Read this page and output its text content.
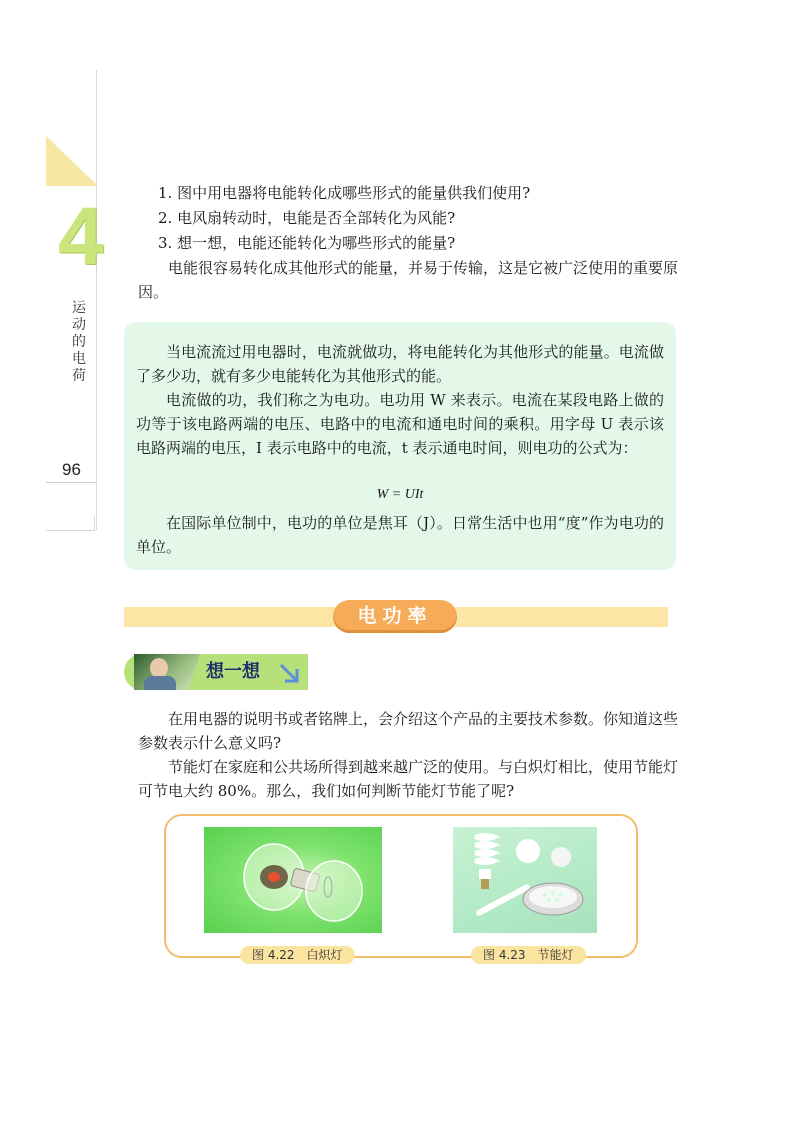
4
运动的电荷
96
1. 图中用电器将电能转化成哪些形式的能量供我们使用?
2. 电风扇转动时，电能是否全部转化为风能?
3. 想一想，电能还能转化为哪些形式的能量?
电能很容易转化成其他形式的能量，并易于传输，这是它被广泛使用的重要原因。
当电流流过用电器时，电流就做功，将电能转化为其他形式的能量。电流做了多少功，就有多少电能转化为其他形式的能。
电流做的功，我们称之为电功。电功用 W 来表示。电流在某段电路上做的功等于该电路两端的电压、电路中的电流和通电时间的乘积。用字母 U 表示该电路两端的电压，I 表示电路中的电流，t 表示通电时间，则电功的公式为：
W = UIt
在国际单位制中，电功的单位是焦耳（J）。日常生活中也用“度”作为电功的单位。
电功率
想一想
在用电器的说明书或者铭牌上，会介绍这个产品的主要技术参数。你知道这些参数表示什么意义吗?
节能灯在家庭和公共场所得到越来越广泛的使用。与白炽灯相比，使用节能灯可节电大约 80%。那么，我们如何判断节能灯节能了呢?
图 4.22 白炽灯	图 4.23 节能灯
